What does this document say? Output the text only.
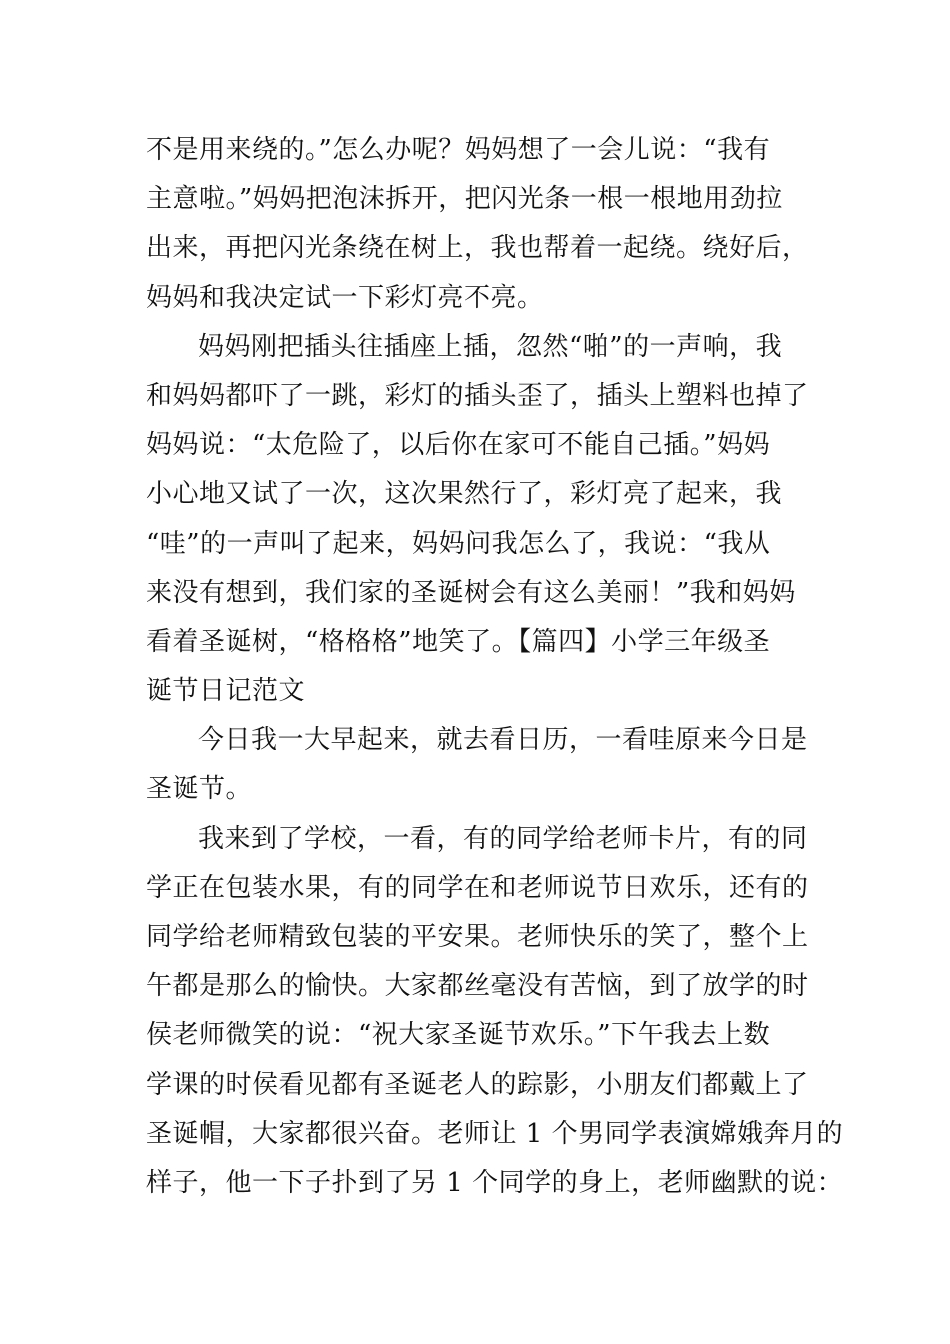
不是用来绕的。”怎么办呢？妈妈想了一会儿说：“我有
主意啦。”妈妈把泡沫拆开，把闪光条一根一根地用劲拉
出来，再把闪光条绕在树上，我也帮着一起绕。绕好后，
妈妈和我决定试一下彩灯亮不亮。
妈妈刚把插头往插座上插，忽然“啪”的一声响，我
和妈妈都吓了一跳，彩灯的插头歪了，插头上塑料也掉了
妈妈说：“太危险了，以后你在家可不能自己插。”妈妈
小心地又试了一次，这次果然行了，彩灯亮了起来，我
“哇”的一声叫了起来，妈妈问我怎么了，我说：“我从
来没有想到，我们家的圣诞树会有这么美丽！”我和妈妈
看着圣诞树，“格格格”地笑了。【篇四】小学三年级圣
诞节日记范文
今日我一大早起来，就去看日历，一看哇原来今日是
圣诞节。
我来到了学校，一看，有的同学给老师卡片，有的同
学正在包装水果，有的同学在和老师说节日欢乐，还有的
同学给老师精致包装的平安果。老师快乐的笑了，整个上
午都是那么的愉快。大家都丝毫没有苦恼，到了放学的时
侯老师微笑的说：“祝大家圣诞节欢乐。”下午我去上数
学课的时侯看见都有圣诞老人的踪影，小朋友们都戴上了
圣诞帽，大家都很兴奋。老师让 1 个男同学表演嫦娥奔月的
样子，他一下子扑到了另 1 个同学的身上，老师幽默的说：
